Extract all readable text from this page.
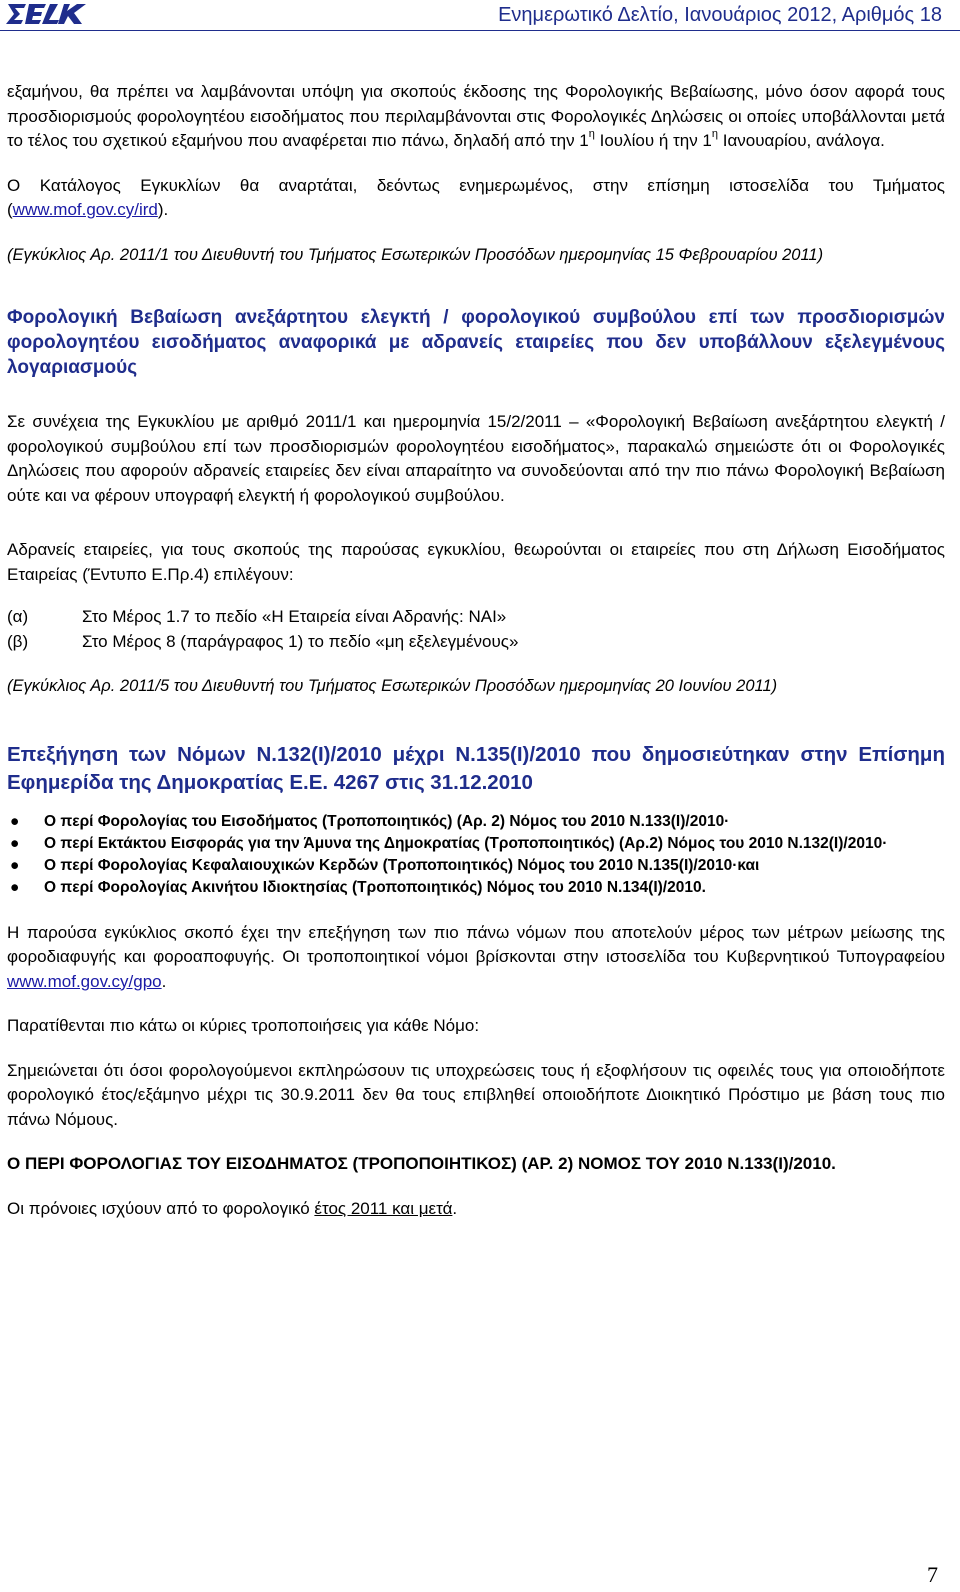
Ενημερωτικό Δελτίο, Ιανουάριος 2012, Αριθμός 18

εξαμήνου, θα πρέπει να λαμβάνονται υπόψη για σκοπούς έκδοσης της Φορολογικής Βεβαίωσης, μόνο όσον αφορά τους προσδιορισμούς φορολογητέου εισοδήματος που περιλαμβάνονται στις Φορολογικές Δηλώσεις οι οποίες υποβάλλονται μετά το τέλος του σχετικού εξαμήνου που αναφέρεται πιο πάνω, δηλαδή από την $1^\eta$ Ιουλίου ή την $1^\eta$ Ιανουαρίου, ανάλογα.

Ο Κατάλογος Εγκυκλίων θα αναρτάται, δεόντως ενημερωμένος, στην επίσημη ιστοσελίδα του Τμήματος (www.mof.gov.cy/ird).

(Εγκύκλιος Αρ. 2011/1 του Διευθυντή του Τμήματος Εσωτερικών Προσόδων ημερομηνίας 15 Φεβρουαρίου 2011)

Φορολογική Βεβαίωση ανεξάρτητου ελεγκτή / φορολογικού συμβούλου επί των προσδιορισμών φορολογητέου εισοδήματος αναφορικά με αδρανείς εταιρείες που δεν υποβάλλουν εξελεγμένους λογαριασμούς

Σε συνέχεια της Εγκυκλίου με αριθμό 2011/1 και ημερομηνία 15/2/2011 – «Φορολογική Βεβαίωση ανεξάρτητου ελεγκτή / φορολογικού συμβούλου επί των προσδιορισμών φορολογητέου εισοδήματος», παρακαλώ σημειώστε ότι οι Φορολογικές Δηλώσεις που αφορούν αδρανείς εταιρείες δεν είναι απαραίτητο να συνοδεύονται από την πιο πάνω Φορολογική Βεβαίωση ούτε και να φέρουν υπογραφή ελεγκτή ή φορολογικού συμβούλου.

Αδρανείς εταιρείες, για τους σκοπούς της παρούσας εγκυκλίου, θεωρούνται οι εταιρείες που στη Δήλωση Εισοδήματος Εταιρείας (Έντυπο Ε.Πρ.4) επιλέγουν:

(α)	Στο Μέρος 1.7 το πεδίο «Η Εταιρεία είναι Αδρανής: ΝΑΙ»
(β)	Στο Μέρος 8 (παράγραφος 1) το πεδίο «μη εξελεγμένους»

(Εγκύκλιος Αρ. 2011/5 του Διευθυντή του Τμήματος Εσωτερικών Προσόδων ημερομηνίας 20 Ιουνίου 2011)

Επεξήγηση των Νόμων Ν.132(Ι)/2010 μέχρι Ν.135(Ι)/2010 που δημοσιεύτηκαν στην Επίσημη Εφημερίδα της Δημοκρατίας Ε.Ε. 4267 στις 31.12.2010

● Ο περί Φορολογίας του Εισοδήματος (Τροποποιητικός) (Αρ. 2) Νόμος του 2010 Ν.133(Ι)/2010·
● Ο περί Εκτάκτου Εισφοράς για την Άμυνα της Δημοκρατίας (Τροποποιητικός) (Αρ.2) Νόμος του 2010 Ν.132(Ι)/2010·
● Ο περί Φορολογίας Κεφαλαιουχικών Κερδών (Τροποποιητικός) Νόμος του 2010 Ν.135(Ι)/2010·και
● Ο περί Φορολογίας Ακινήτου Ιδιοκτησίας (Τροποποιητικός) Νόμος του 2010 Ν.134(Ι)/2010.

Η παρούσα εγκύκλιος σκοπό έχει την επεξήγηση των πιο πάνω νόμων που αποτελούν μέρος των μέτρων μείωσης της φοροδιαφυγής και φοροαποφυγής. Οι τροποποιητικοί νόμοι βρίσκονται στην ιστοσελίδα του Κυβερνητικού Τυπογραφείου www.mof.gov.cy/gpo.

Παρατίθενται πιο κάτω οι κύριες τροποποιήσεις για κάθε Νόμο:

Σημειώνεται ότι όσοι φορολογούμενοι εκπληρώσουν τις υποχρεώσεις τους ή εξοφλήσουν τις οφειλές τους για οποιοδήποτε φορολογικό έτος/εξάμηνο μέχρι τις 30.9.2011 δεν θα τους επιβληθεί οποιοδήποτε Διοικητικό Πρόστιμο με βάση τους πιο πάνω Νόμους.

Ο ΠΕΡΙ ΦΟΡΟΛΟΓΙΑΣ ΤΟΥ ΕΙΣΟΔΗΜΑΤΟΣ (ΤΡΟΠΟΠΟΙΗΤΙΚΟΣ) (ΑΡ. 2) ΝΟΜΟΣ ΤΟΥ 2010 Ν.133(Ι)/2010.

Οι πρόνοιες ισχύουν από το φορολογικό έτος 2011 και μετά.

7
